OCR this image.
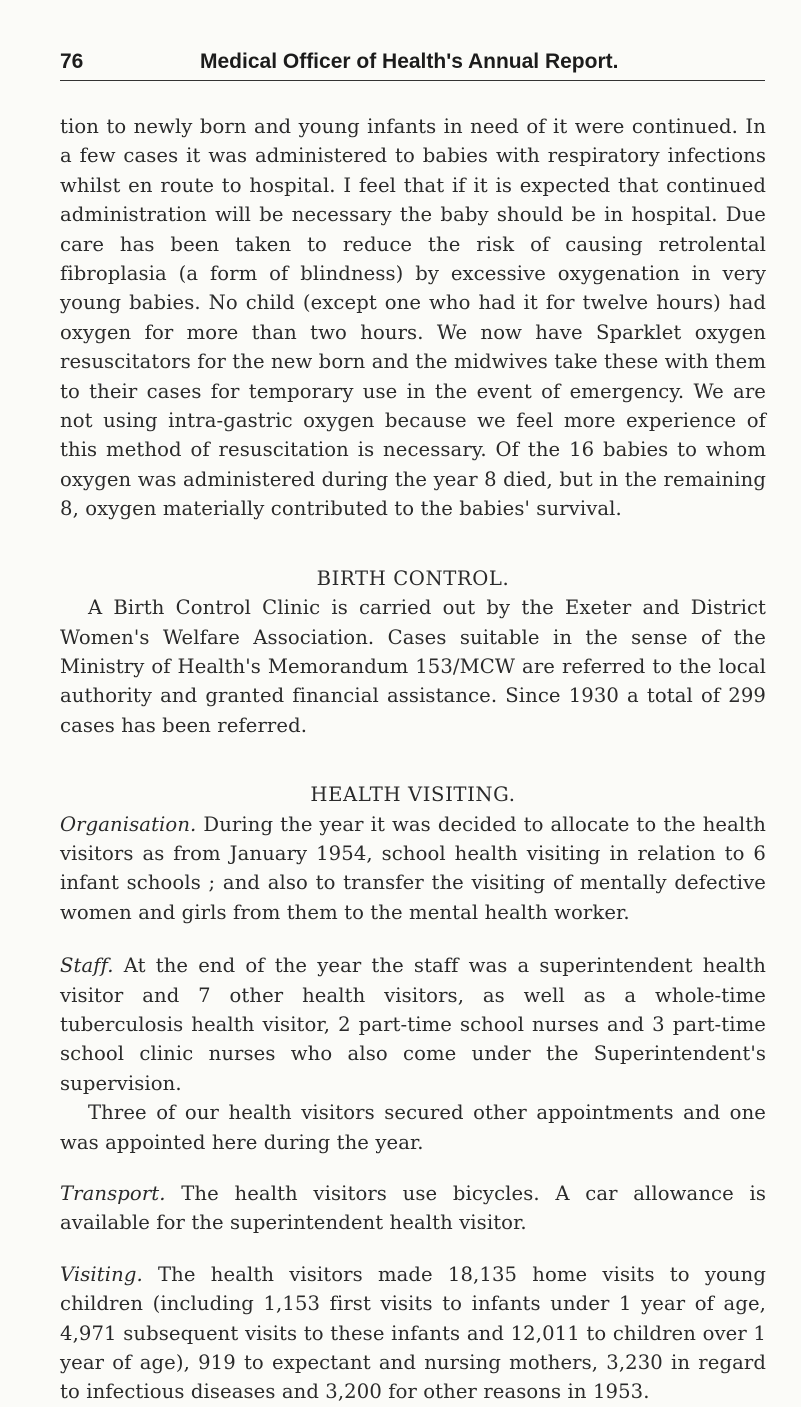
76	Medical Officer of Health's Annual Report.

tion to newly born and young infants in need of it were continued. In a few cases it was administered to babies with respiratory infections whilst en route to hospital. I feel that if it is expected that continued administration will be necessary the baby should be in hospital. Due care has been taken to reduce the risk of causing retrolental fibroplasia (a form of blindness) by excessive oxygenation in very young babies. No child (except one who had it for twelve hours) had oxygen for more than two hours. We now have Sparklet oxygen resuscitators for the new born and the midwives take these with them to their cases for temporary use in the event of emergency. We are not using intra-gastric oxygen because we feel more experience of this method of resuscitation is necessary. Of the 16 babies to whom oxygen was administered during the year 8 died, but in the remaining 8, oxygen materially contributed to the babies' survival.

BIRTH CONTROL.

A Birth Control Clinic is carried out by the Exeter and District Women's Welfare Association. Cases suitable in the sense of the Ministry of Health's Memorandum 153/MCW are referred to the local authority and granted financial assistance. Since 1930 a total of 299 cases has been referred.

HEALTH VISITING.

Organisation. During the year it was decided to allocate to the health visitors as from January 1954, school health visiting in relation to 6 infant schools ; and also to transfer the visiting of mentally defective women and girls from them to the mental health worker.

Staff. At the end of the year the staff was a superintendent health visitor and 7 other health visitors, as well as a whole-time tuberculosis health visitor, 2 part-time school nurses and 3 part-time school clinic nurses who also come under the Superintendent's supervision.

Three of our health visitors secured other appointments and one was appointed here during the year.

Transport. The health visitors use bicycles. A car allowance is available for the superintendent health visitor.

Visiting. The health visitors made 18,135 home visits to young children (including 1,153 first visits to infants under 1 year of age, 4,971 subsequent visits to these infants and 12,011 to children over 1 year of age), 919 to expectant and nursing mothers, 3,230 in regard to infectious diseases and 3,200 for other reasons in 1953.
